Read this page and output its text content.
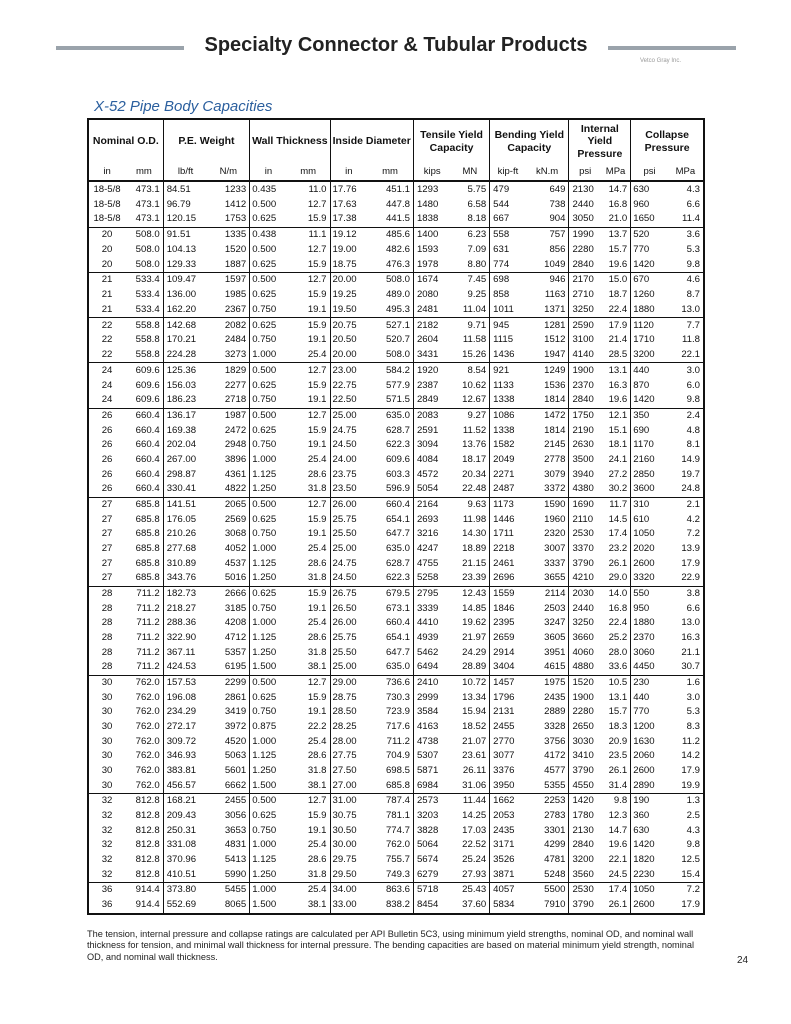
Specialty Connector & Tubular Products
Vetco Gray Inc.
X-52 Pipe Body Capacities
Nominal O.D.		P.E. Weight		Wall Thickness		Inside Diameter		Tensile Yield Capacity		Bending Yield Capacity		Internal Yield Pressure		Collapse Pressure	
in	mm	lb/ft	N/m	in	mm	in	mm	kips	MN	kip-ft	kN.m	psi	MPa	psi	MPa
18-5/8	473.1	84.51	1233	0.435	11.0	17.76	451.1	1293	5.75	479	649	2130	14.7	630	4.3
18-5/8	473.1	96.79	1412	0.500	12.7	17.63	447.8	1480	6.58	544	738	2440	16.8	960	6.6
18-5/8	473.1	120.15	1753	0.625	15.9	17.38	441.5	1838	8.18	667	904	3050	21.0	1650	11.4
20	508.0	91.51	1335	0.438	11.1	19.12	485.6	1400	6.23	558	757	1990	13.7	520	3.6
20	508.0	104.13	1520	0.500	12.7	19.00	482.6	1593	7.09	631	856	2280	15.7	770	5.3
20	508.0	129.33	1887	0.625	15.9	18.75	476.3	1978	8.80	774	1049	2840	19.6	1420	9.8
21	533.4	109.47	1597	0.500	12.7	20.00	508.0	1674	7.45	698	946	2170	15.0	670	4.6
21	533.4	136.00	1985	0.625	15.9	19.25	489.0	2080	9.25	858	1163	2710	18.7	1260	8.7
21	533.4	162.20	2367	0.750	19.1	19.50	495.3	2481	11.04	1011	1371	3250	22.4	1880	13.0
22	558.8	142.68	2082	0.625	15.9	20.75	527.1	2182	9.71	945	1281	2590	17.9	1120	7.7
22	558.8	170.21	2484	0.750	19.1	20.50	520.7	2604	11.58	1115	1512	3100	21.4	1710	11.8
22	558.8	224.28	3273	1.000	25.4	20.00	508.0	3431	15.26	1436	1947	4140	28.5	3200	22.1
24	609.6	125.36	1829	0.500	12.7	23.00	584.2	1920	8.54	921	1249	1900	13.1	440	3.0
24	609.6	156.03	2277	0.625	15.9	22.75	577.9	2387	10.62	1133	1536	2370	16.3	870	6.0
24	609.6	186.23	2718	0.750	19.1	22.50	571.5	2849	12.67	1338	1814	2840	19.6	1420	9.8
26	660.4	136.17	1987	0.500	12.7	25.00	635.0	2083	9.27	1086	1472	1750	12.1	350	2.4
26	660.4	169.38	2472	0.625	15.9	24.75	628.7	2591	11.52	1338	1814	2190	15.1	690	4.8
26	660.4	202.04	2948	0.750	19.1	24.50	622.3	3094	13.76	1582	2145	2630	18.1	1170	8.1
26	660.4	267.00	3896	1.000	25.4	24.00	609.6	4084	18.17	2049	2778	3500	24.1	2160	14.9
26	660.4	298.87	4361	1.125	28.6	23.75	603.3	4572	20.34	2271	3079	3940	27.2	2850	19.7
26	660.4	330.41	4822	1.250	31.8	23.50	596.9	5054	22.48	2487	3372	4380	30.2	3600	24.8
27	685.8	141.51	2065	0.500	12.7	26.00	660.4	2164	9.63	1173	1590	1690	11.7	310	2.1
27	685.8	176.05	2569	0.625	15.9	25.75	654.1	2693	11.98	1446	1960	2110	14.5	610	4.2
27	685.8	210.26	3068	0.750	19.1	25.50	647.7	3216	14.30	1711	2320	2530	17.4	1050	7.2
27	685.8	277.68	4052	1.000	25.4	25.00	635.0	4247	18.89	2218	3007	3370	23.2	2020	13.9
27	685.8	310.89	4537	1.125	28.6	24.75	628.7	4755	21.15	2461	3337	3790	26.1	2600	17.9
27	685.8	343.76	5016	1.250	31.8	24.50	622.3	5258	23.39	2696	3655	4210	29.0	3320	22.9
28	711.2	182.73	2666	0.625	15.9	26.75	679.5	2795	12.43	1559	2114	2030	14.0	550	3.8
28	711.2	218.27	3185	0.750	19.1	26.50	673.1	3339	14.85	1846	2503	2440	16.8	950	6.6
28	711.2	288.36	4208	1.000	25.4	26.00	660.4	4410	19.62	2395	3247	3250	22.4	1880	13.0
28	711.2	322.90	4712	1.125	28.6	25.75	654.1	4939	21.97	2659	3605	3660	25.2	2370	16.3
28	711.2	367.11	5357	1.250	31.8	25.50	647.7	5462	24.29	2914	3951	4060	28.0	3060	21.1
28	711.2	424.53	6195	1.500	38.1	25.00	635.0	6494	28.89	3404	4615	4880	33.6	4450	30.7
30	762.0	157.53	2299	0.500	12.7	29.00	736.6	2410	10.72	1457	1975	1520	10.5	230	1.6
30	762.0	196.08	2861	0.625	15.9	28.75	730.3	2999	13.34	1796	2435	1900	13.1	440	3.0
30	762.0	234.29	3419	0.750	19.1	28.50	723.9	3584	15.94	2131	2889	2280	15.7	770	5.3
30	762.0	272.17	3972	0.875	22.2	28.25	717.6	4163	18.52	2455	3328	2650	18.3	1200	8.3
30	762.0	309.72	4520	1.000	25.4	28.00	711.2	4738	21.07	2770	3756	3030	20.9	1630	11.2
30	762.0	346.93	5063	1.125	28.6	27.75	704.9	5307	23.61	3077	4172	3410	23.5	2060	14.2
30	762.0	383.81	5601	1.250	31.8	27.50	698.5	5871	26.11	3376	4577	3790	26.1	2600	17.9
30	762.0	456.57	6662	1.500	38.1	27.00	685.8	6984	31.06	3950	5355	4550	31.4	2890	19.9
32	812.8	168.21	2455	0.500	12.7	31.00	787.4	2573	11.44	1662	2253	1420	9.8	190	1.3
32	812.8	209.43	3056	0.625	15.9	30.75	781.1	3203	14.25	2053	2783	1780	12.3	360	2.5
32	812.8	250.31	3653	0.750	19.1	30.50	774.7	3828	17.03	2435	3301	2130	14.7	630	4.3
32	812.8	331.08	4831	1.000	25.4	30.00	762.0	5064	22.52	3171	4299	2840	19.6	1420	9.8
32	812.8	370.96	5413	1.125	28.6	29.75	755.7	5674	25.24	3526	4781	3200	22.1	1820	12.5
32	812.8	410.51	5990	1.250	31.8	29.50	749.3	6279	27.93	3871	5248	3560	24.5	2230	15.4
36	914.4	373.80	5455	1.000	25.4	34.00	863.6	5718	25.43	4057	5500	2530	17.4	1050	7.2
36	914.4	552.69	8065	1.500	38.1	33.00	838.2	8454	37.60	5834	7910	3790	26.1	2600	17.9
The tension, internal pressure and collapse ratings are calculated per API Bulletin 5C3, using minimum yield strengths, nominal OD, and nominal wall thickness for tension, and minimal wall thickness for internal pressure. The bending capacities are based on material minimum yield strength, nominal OD, and nominal wall thickness.	24
